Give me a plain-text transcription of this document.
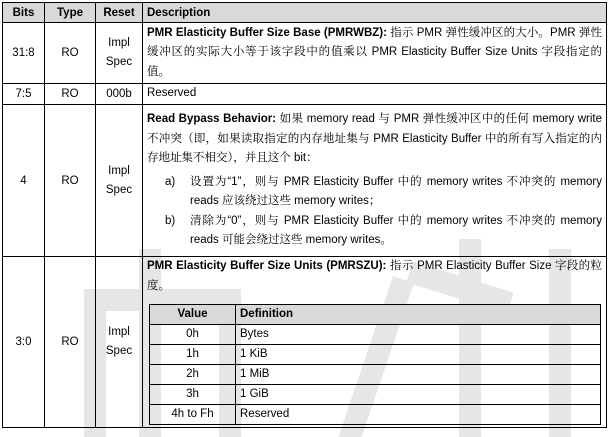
Bits	Type	Reset	Description
31:8	RO	Impl Spec	PMR Elasticity Buffer Size Base (PMRWBZ): 指示 PMR 弹性缓冲区的大小。PMR 弹性缓冲区的实际大小等于该字段中的值乘以 PMR Elasticity Buffer Size Units 字段指定的值。
7:5	RO	000b	Reserved
4	RO	Impl Spec	Read Bypass Behavior: 如果 memory read 与 PMR 弹性缓冲区中的任何 memory write 不冲突（即，如果读取指定的内存地址集与 PMR Elasticity Buffer 中的所有写入指定的内存地址集不相交），并且这个 bit：
a)	设置为“1”，则与 PMR Elasticity Buffer 中的 memory writes 不冲突的 memory reads 应该绕过这些 memory writes；
b)	清除为“0”，则与 PMR Elasticity Buffer 中的 memory writes 不冲突的 memory reads 可能会绕过这些 memory writes。

3:0	RO	Impl Spec	PMR Elasticity Buffer Size Units (PMRSZU): 指示 PMR Elasticity Buffer Size 字段的粒度。
Value	Definition
0h	Bytes
1h	1 KiB
2h	1 MiB
3h	1 GiB
4h to Fh	Reserved
